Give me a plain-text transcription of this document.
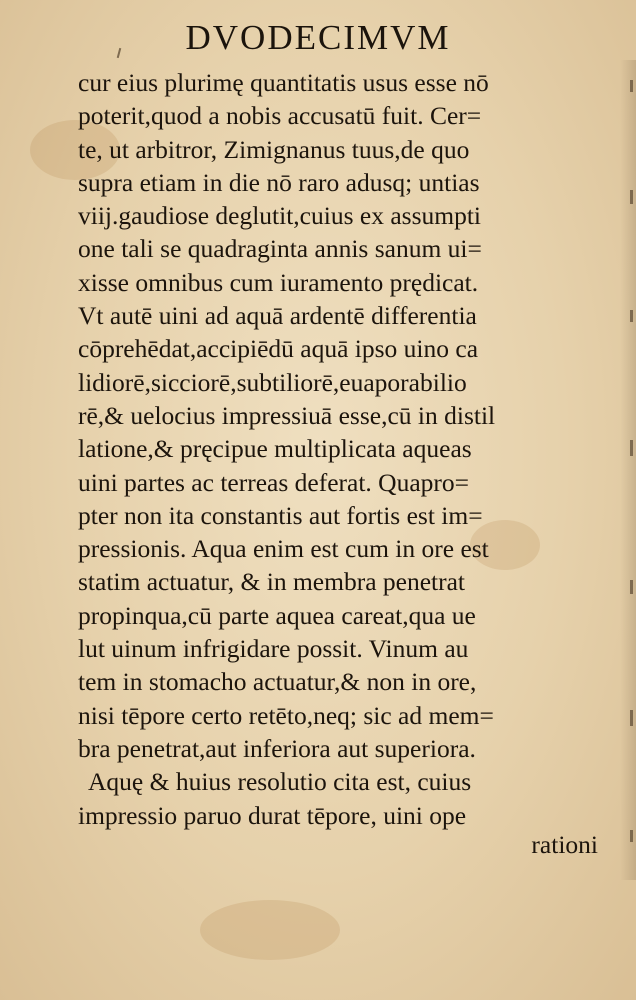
DVODECIMVM
cur eius plurimę quantitatis usus esse nō
poterit,quod a nobis accusatū fuit. Cer=
te, ut arbitror, Zimignanus tuus,de quo
supra etiam in die nō raro adusq; untias
viij.gaudiose deglutit,cuius ex assumpti
one tali se quadraginta annis sanum ui=
xisse omnibus cum iuramento prędicat.
Vt autē uini ad aquā ardentē differentia
cōprehēdat,accipiēdū aquā ipso uino ca
lidiorē,sicciorē,subtiliorē,euaporabilio
rē,& uelocius impressiuā esse,cū in distil
latione,& pręcipue multiplicata aqueas
uini partes ac terreas deferat. Quapro=
pter non ita constantis aut fortis est im=
pressionis. Aqua enim est cum in ore est
statim actuatur, & in membra penetrat
propinqua,cū parte aquea careat,qua ue
lut uinum infrigidare possit. Vinum au
tem in stomacho actuatur,& non in ore,
nisi tēpore certo retēto,neq; sic ad mem=
bra penetrat,aut inferiora aut superiora.
Aquę & huius resolutio cita est, cuius
impressio paruo durat tēpore, uini ope
rationi
